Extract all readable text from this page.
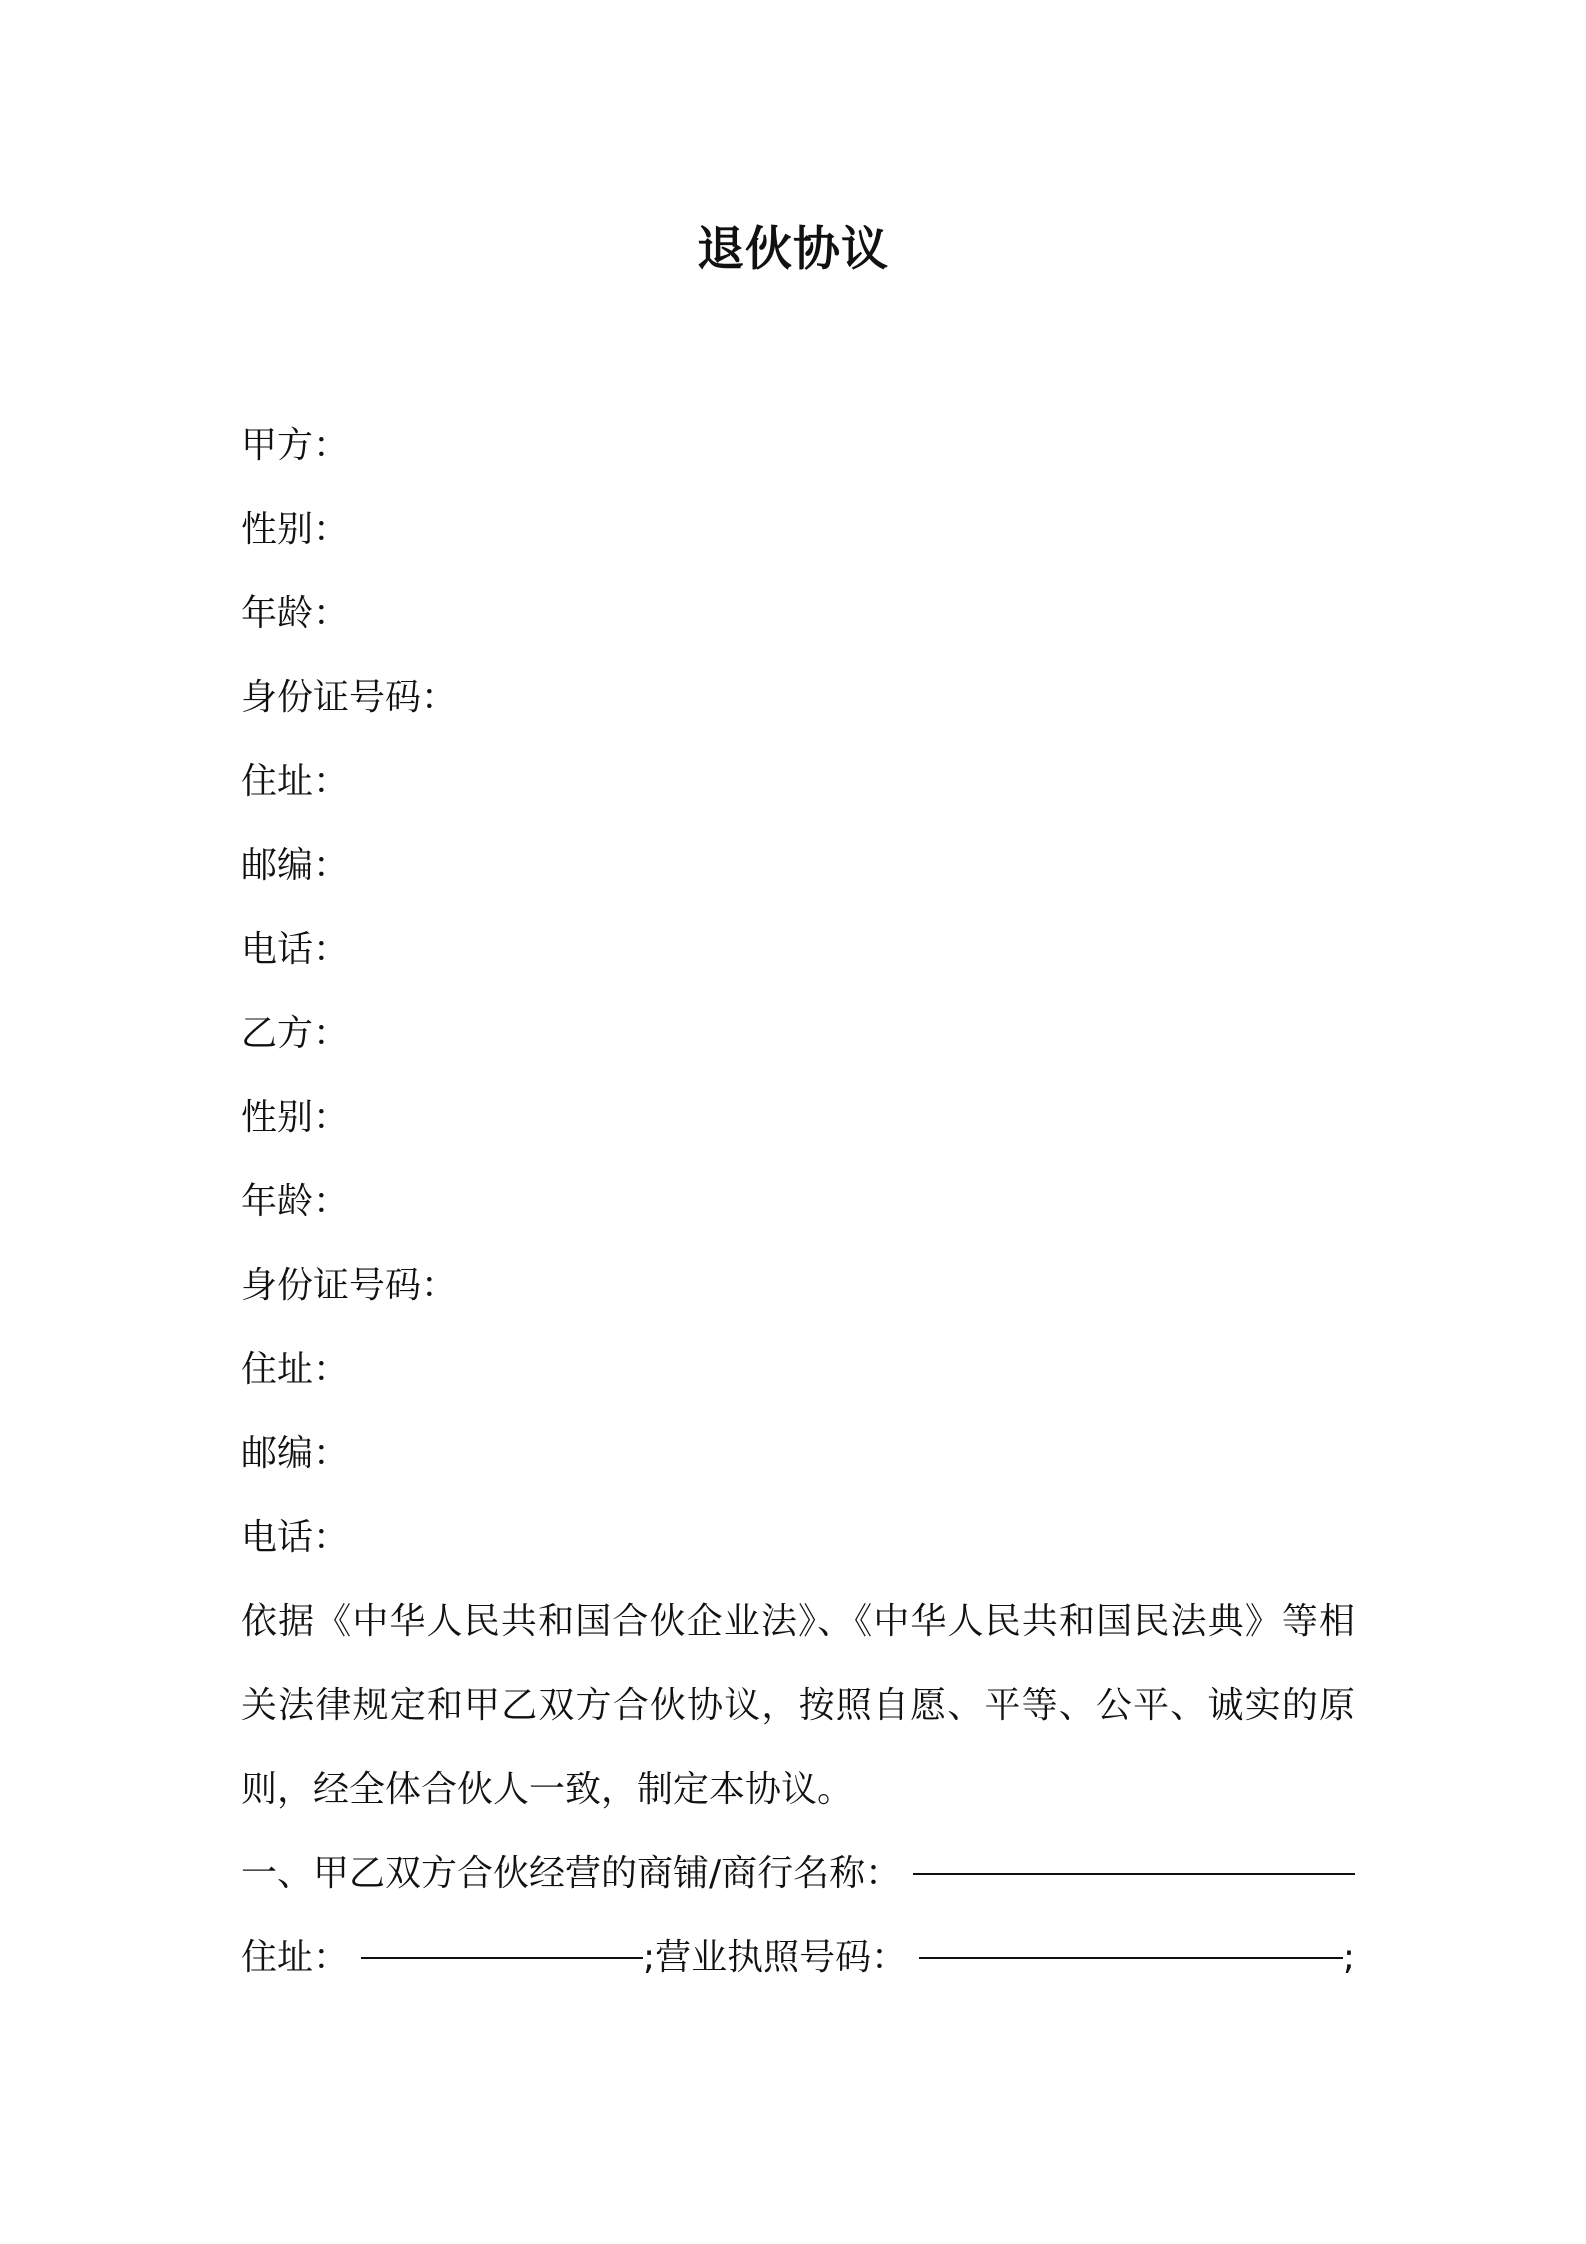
退伙协议
甲方：
性别：
年龄：
身份证号码：
住址：
邮编：
电话：
乙方：
性别：
年龄：
身份证号码：
住址：
邮编：
电话：
依据《中华人民共和国合伙企业法》、《中华人民共和国民法典》等相关法律规定和甲乙双方合伙协议，按照自愿、平等、公平、诚实的原则，经全体合伙人一致，制定本协议。
一、甲乙双方合伙经营的商铺/商行名称：
住址：	; 营业执照号码：	;
